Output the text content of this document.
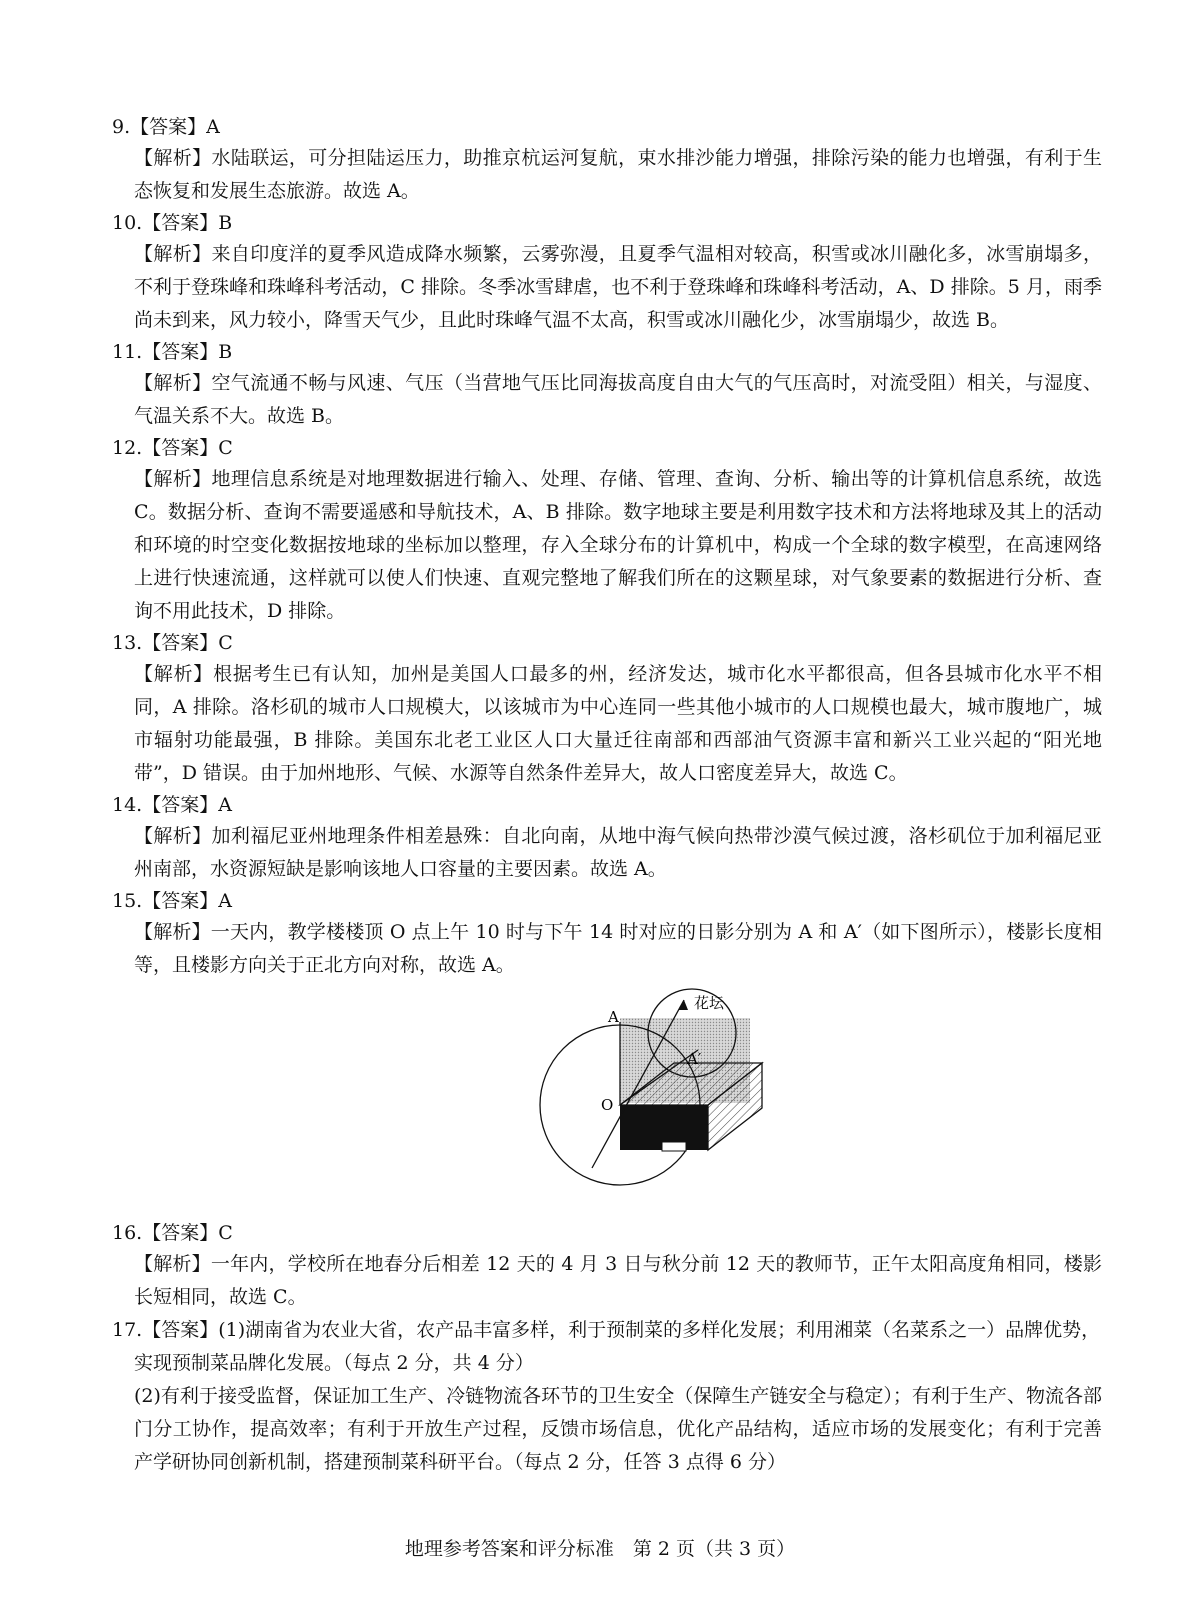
9.【答案】A

【解析】水陆联运，可分担陆运压力，助推京杭运河复航，束水排沙能力增强，排除污染的能力也增强，有利于生态恢复和发展生态旅游。故选 A。

10.【答案】B

【解析】来自印度洋的夏季风造成降水频繁，云雾弥漫，且夏季气温相对较高，积雪或冰川融化多，冰雪崩塌多，不利于登珠峰和珠峰科考活动，C 排除。冬季冰雪肆虐，也不利于登珠峰和珠峰科考活动，A、D 排除。5 月，雨季尚未到来，风力较小，降雪天气少，且此时珠峰气温不太高，积雪或冰川融化少，冰雪崩塌少，故选 B。

11.【答案】B

【解析】空气流通不畅与风速、气压（当营地气压比同海拔高度自由大气的气压高时，对流受阻）相关，与湿度、气温关系不大。故选 B。

12.【答案】C

【解析】地理信息系统是对地理数据进行输入、处理、存储、管理、查询、分析、输出等的计算机信息系统，故选 C。数据分析、查询不需要遥感和导航技术，A、B 排除。数字地球主要是利用数字技术和方法将地球及其上的活动和环境的时空变化数据按地球的坐标加以整理，存入全球分布的计算机中，构成一个全球的数字模型，在高速网络上进行快速流通，这样就可以使人们快速、直观完整地了解我们所在的这颗星球，对气象要素的数据进行分析、查询不用此技术，D 排除。

13.【答案】C

【解析】根据考生已有认知，加州是美国人口最多的州，经济发达，城市化水平都很高，但各县城市化水平不相同，A 排除。洛杉矶的城市人口规模大，以该城市为中心连同一些其他小城市的人口规模也最大，城市腹地广，城市辐射功能最强，B 排除。美国东北老工业区人口大量迁往南部和西部油气资源丰富和新兴工业兴起的“阳光地带”，D 错误。由于加州地形、气候、水源等自然条件差异大，故人口密度差异大，故选 C。

14.【答案】A

【解析】加利福尼亚州地理条件相差悬殊：自北向南，从地中海气候向热带沙漠气候过渡，洛杉矶位于加利福尼亚州南部，水资源短缺是影响该地人口容量的主要因素。故选 A。

15.【答案】A

【解析】一天内，教学楼楼顶 O 点上午 10 时与下午 14 时对应的日影分别为 A 和 A′（如下图所示），楼影长度相等，且楼影方向关于正北方向对称，故选 A。

花坛
A
A′
O

16.【答案】C

【解析】一年内，学校所在地春分后相差 12 天的 4 月 3 日与秋分前 12 天的教师节，正午太阳高度角相同，楼影长短相同，故选 C。

17.【答案】(1)湖南省为农业大省，农产品丰富多样，利于预制菜的多样化发展；利用湘菜（名菜系之一）品牌优势，实现预制菜品牌化发展。（每点 2 分，共 4 分）

(2)有利于接受监督，保证加工生产、冷链物流各环节的卫生安全（保障生产链安全与稳定）；有利于生产、物流各部门分工协作，提高效率；有利于开放生产过程，反馈市场信息，优化产品结构，适应市场的发展变化；有利于完善产学研协同创新机制，搭建预制菜科研平台。（每点 2 分，任答 3 点得 6 分）

地理参考答案和评分标准　第 2 页（共 3 页）
